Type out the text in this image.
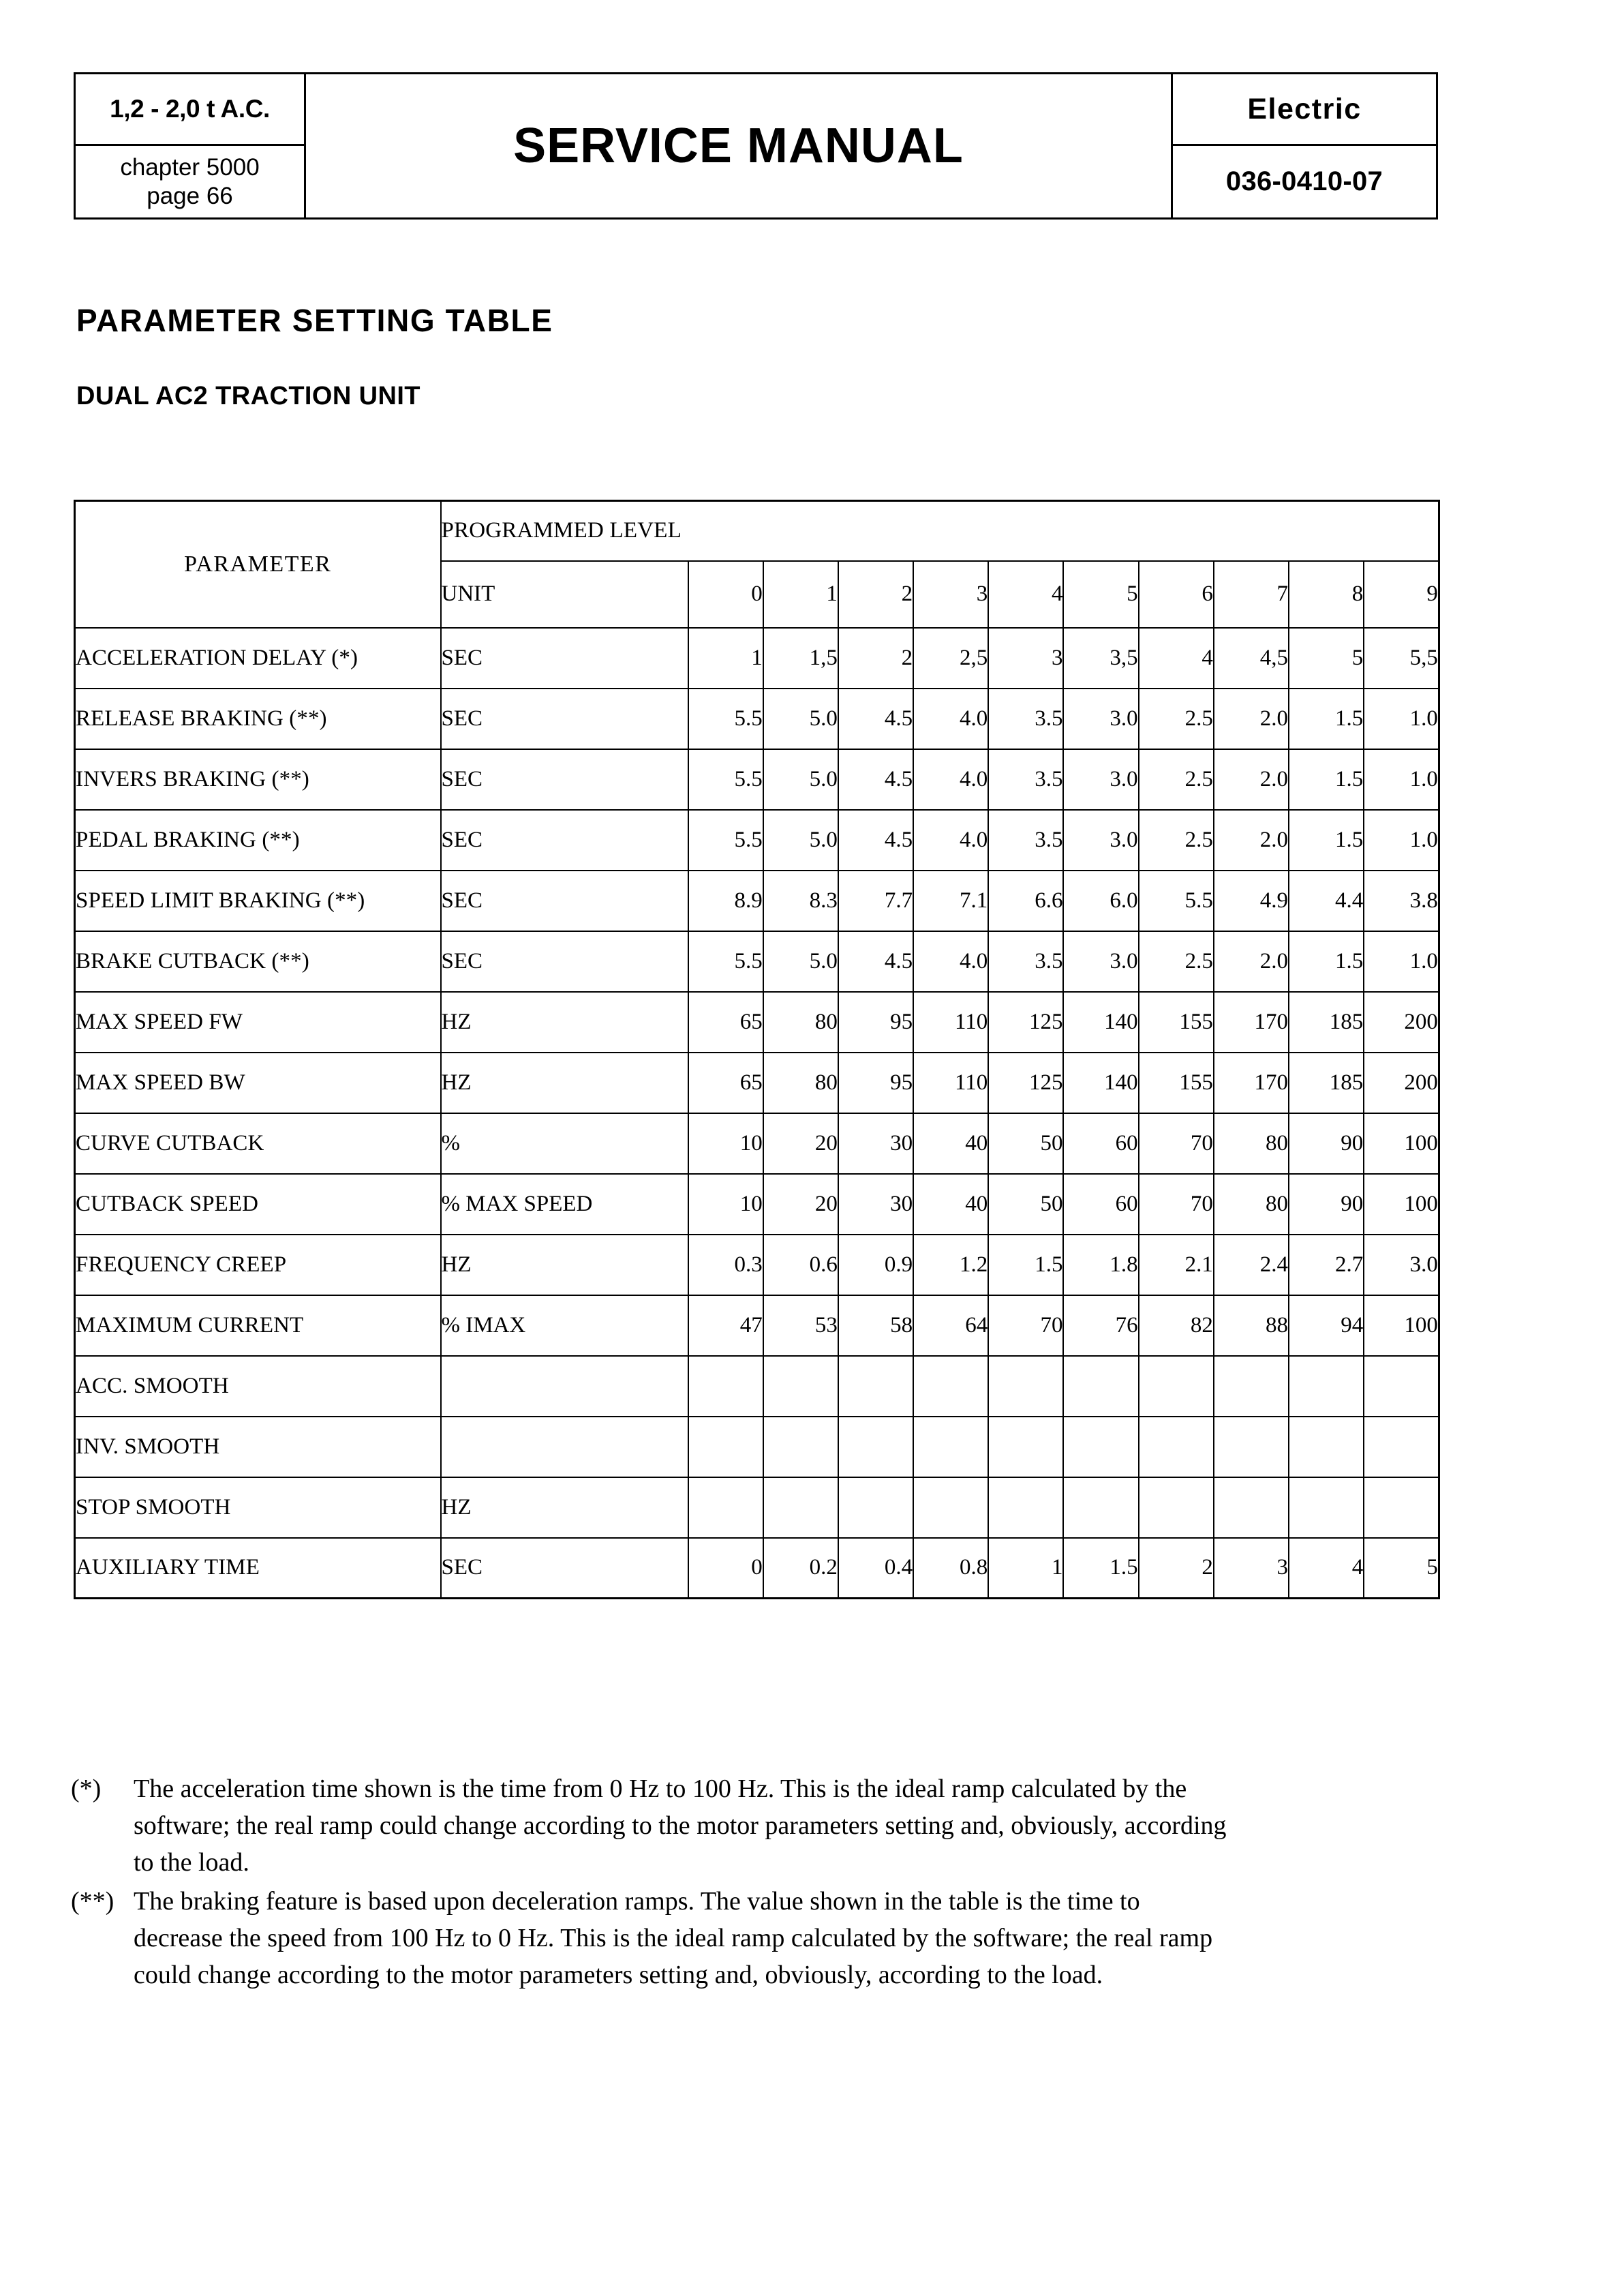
1,2 - 2,0 t A.C.
chapter 5000
page 66
SERVICE MANUAL
Electric
036-0410-07
PARAMETER SETTING TABLE
DUAL AC2 TRACTION UNIT
PARAMETER	PROGRAMMED LEVEL										
	UNIT	0	1	2	3	4	5	6	7	8	9
ACCELERATION DELAY (*)	SEC	1	1,5	2	2,5	3	3,5	4	4,5	5	5,5
RELEASE BRAKING (**)	SEC	5.5	5.0	4.5	4.0	3.5	3.0	2.5	2.0	1.5	1.0
INVERS BRAKING (**)	SEC	5.5	5.0	4.5	4.0	3.5	3.0	2.5	2.0	1.5	1.0
PEDAL BRAKING (**)	SEC	5.5	5.0	4.5	4.0	3.5	3.0	2.5	2.0	1.5	1.0
SPEED LIMIT BRAKING (**)	SEC	8.9	8.3	7.7	7.1	6.6	6.0	5.5	4.9	4.4	3.8
BRAKE CUTBACK (**)	SEC	5.5	5.0	4.5	4.0	3.5	3.0	2.5	2.0	1.5	1.0
MAX SPEED FW	HZ	65	80	95	110	125	140	155	170	185	200
MAX SPEED BW	HZ	65	80	95	110	125	140	155	170	185	200
CURVE CUTBACK	%	10	20	30	40	50	60	70	80	90	100
CUTBACK SPEED	% MAX SPEED	10	20	30	40	50	60	70	80	90	100
FREQUENCY CREEP	HZ	0.3	0.6	0.9	1.2	1.5	1.8	2.1	2.4	2.7	3.0
MAXIMUM CURRENT	% IMAX	47	53	58	64	70	76	82	88	94	100
ACC. SMOOTH											
INV. SMOOTH											
STOP SMOOTH	HZ										
AUXILIARY TIME	SEC	0	0.2	0.4	0.8	1	1.5	2	3	4	5
(*)	The acceleration time shown is the time from 0 Hz to 100 Hz. This is the ideal ramp calculated by the

software; the real ramp could change according to the motor parameters setting and, obviously, according

to the load.

(**) The braking feature is based upon deceleration ramps. The value shown in the table is the time to

decrease the speed from 100 Hz to 0 Hz. This is the ideal ramp calculated by the software; the real ramp

could change according to the motor parameters setting and, obviously, according to the load.
